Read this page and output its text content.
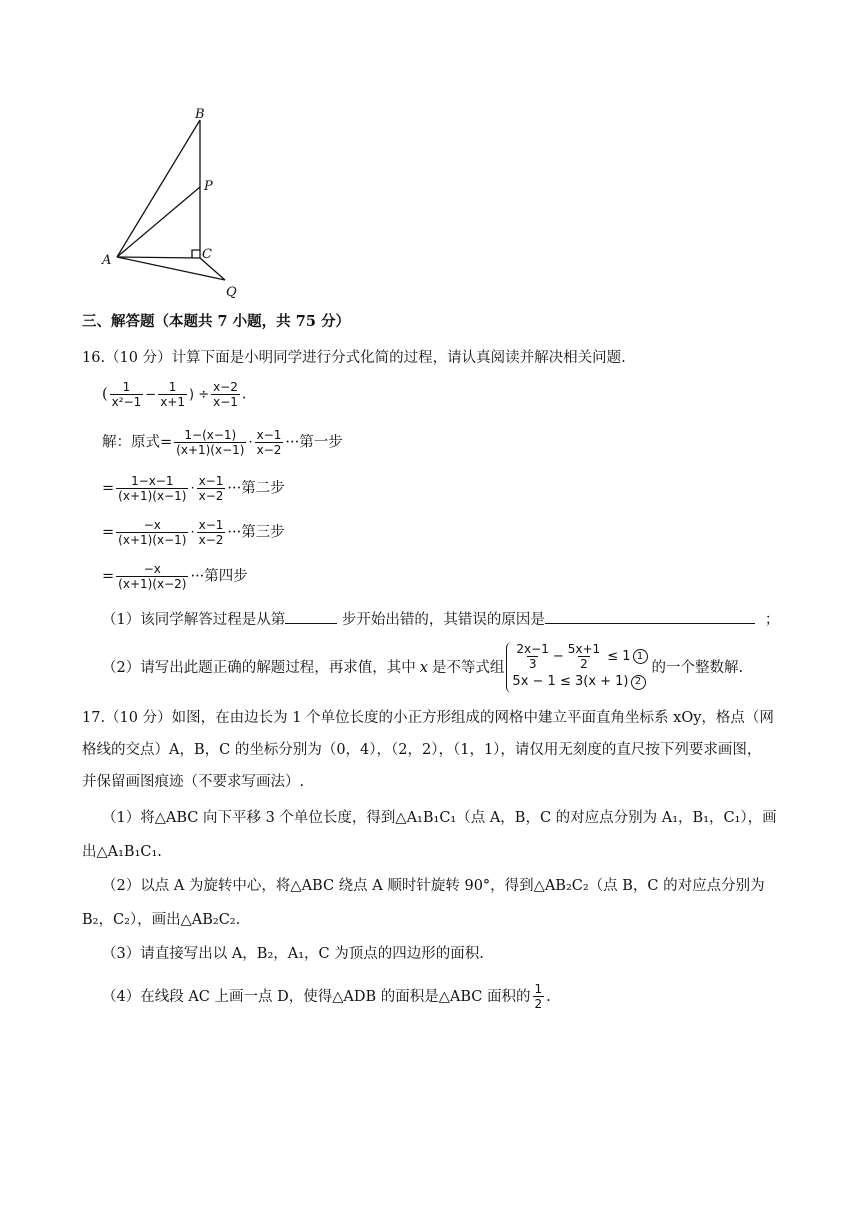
B
P
A	C
Q
三、解答题（本题共 7 小题，共 75 分）
16.（10 分）计算下面是小明同学进行分式化简的过程，请认真阅读并解决相关问题.
( $\frac{1}{\text{x²−1}} - \frac{1}{x+1}$ ) ÷ $\frac{x-2}{x-1}$ .
解：原式= $\frac{1-(x-1)}{(x+1)(x-1)} \cdot \frac{x-1}{x-2}$ ···第一步
= $\frac{1-x-1}{(x+1)(x-1)} \cdot \frac{x-1}{x-2}$ ···第二步
= $\frac{-x}{(x+1)(x-1)} \cdot \frac{x-1}{x-2}$ ···第三步
= $\frac{-x}{(x+1)(x-2)}$ ···第四步
（1）该同学解答过程是从第	步开始出错的，其错误的原因是	；
（2）请写出此题正确的解题过程，再求值，其中 x 是不等式组 $\frac{2x-1}{3} - \frac{5x+1}{2} \le 1$ 1
5x − 1 ≤ 3(x + 1) 2
的一个整数解.
17.（10 分）如图，在由边长为 1 个单位长度的小正方形组成的网格中建立平面直角坐标系 xOy，格点（网
格线的交点）A，B，C 的坐标分别为（0，4），（2，2），（1，1），请仅用无刻度的直尺按下列要求画图，
并保留画图痕迹（不要求写画法）.
（1）将△ABC 向下平移 3 个单位长度，得到△A₁B₁C₁（点 A，B，C 的对应点分别为 A₁，B₁，C₁），画
出△A₁B₁C₁.
（2）以点 A 为旋转中心，将△ABC 绕点 A 顺时针旋转 90°，得到△AB₂C₂（点 B，C 的对应点分别为
B₂，C₂），画出△AB₂C₂.
（3）请直接写出以 A，B₂，A₁，C 为顶点的四边形的面积.
（4）在线段 AC 上画一点 D，使得△ADB 的面积是△ABC 面积的 $\frac{1}{2}$ .
